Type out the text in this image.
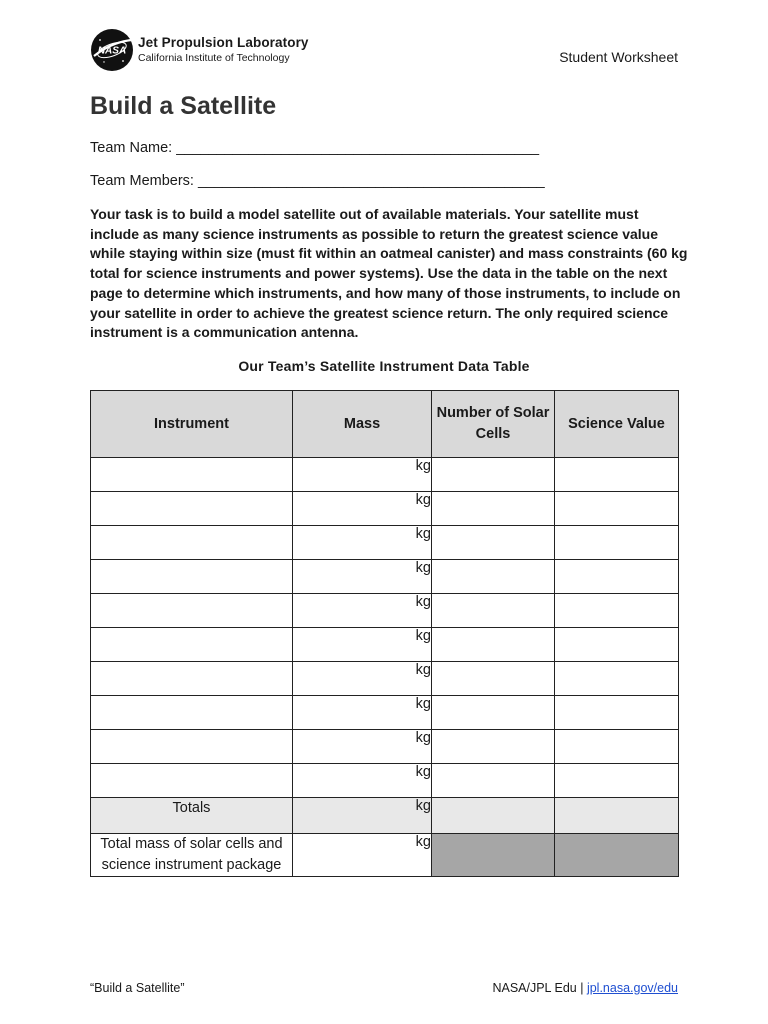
NASA
Jet Propulsion Laboratory
California Institute of Technology	Student Worksheet
Build a Satellite
Team Name: _____________________________________________
Team Members: ___________________________________________

Your task is to build a model satellite out of available materials. Your satellite must include as many science instruments as possible to return the greatest science value while staying within size (must fit within an oatmeal canister) and mass constraints (60 kg total for science instruments and power systems). Use the data in the table on the next page to determine which instruments, and how many of those instruments, to include on your satellite in order to achieve the greatest science return. The only required science instrument is a communication antenna.

Our Team’s Satellite Instrument Data Table
Instrument	Mass	Number of Solar Cells	Science Value
	kg		
	kg		
	kg		
	kg		
	kg		
	kg		
	kg		
	kg		
	kg		
	kg		
Totals	kg		
Total mass of solar cells and science instrument package	kg		
“Build a Satellite”	NASA/JPL Edu | jpl.nasa.gov/edu
